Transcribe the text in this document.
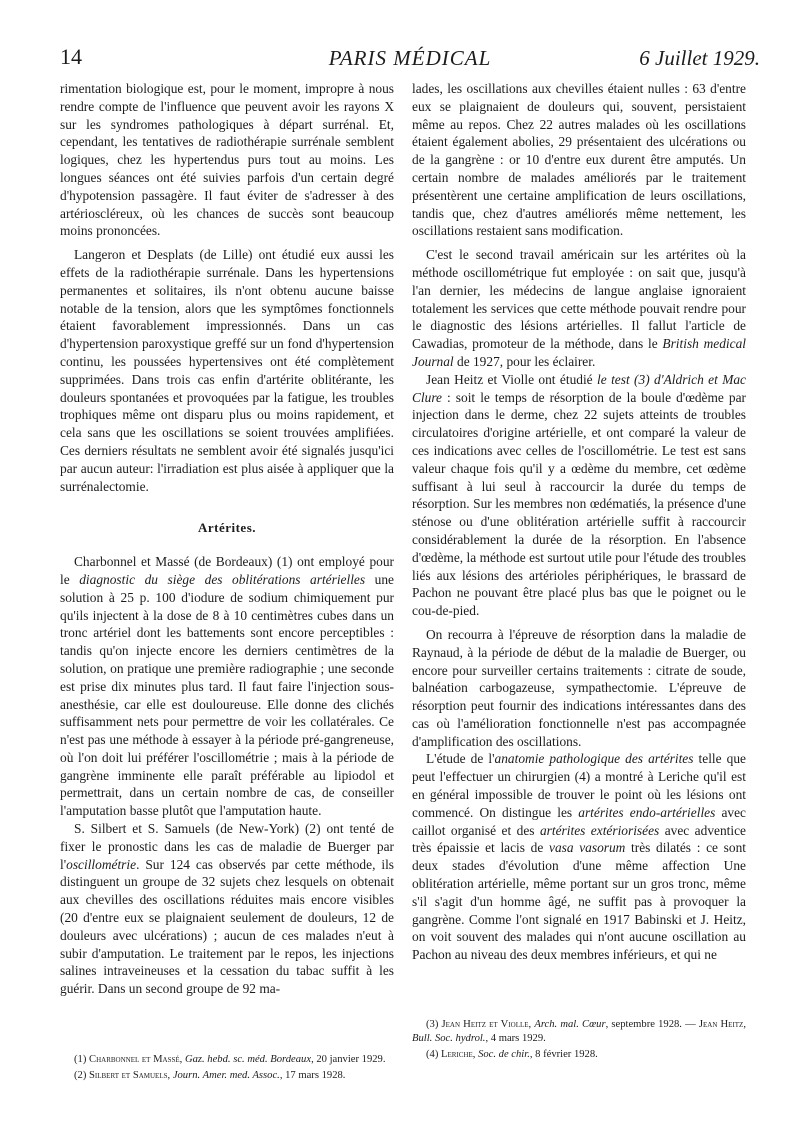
14	PARIS MÉDICAL	6 Juillet 1929.

rimentation biologique est, pour le moment, impropre à nous rendre compte de l'influence que peuvent avoir les rayons X sur les syndromes pathologiques à départ surrénal. Et, cependant, les tentatives de radiothérapie surrénale semblent logiques, chez les hypertendus purs tout au moins. Les longues séances ont été suivies parfois d'un certain degré d'hypotension passagère. Il faut éviter de s'adresser à des artérioscléreux, où les chances de succès sont beaucoup moins prononcées.

Langeron et Desplats (de Lille) ont étudié eux aussi les effets de la radiothérapie surrénale. Dans les hypertensions permanentes et solitaires, ils n'ont obtenu aucune baisse notable de la tension, alors que les symptômes fonctionnels étaient favorablement impressionnés. Dans un cas d'hypertension paroxystique greffé sur un fond d'hypertension continu, les poussées hypertensives ont été complètement supprimées. Dans trois cas enfin d'artérite oblitérante, les douleurs spontanées et provoquées par la fatigue, les troubles trophiques même ont disparu plus ou moins rapidement, et cela sans que les oscillations se soient trouvées amplifiées. Ces derniers résultats ne semblent avoir été signalés jusqu'ici par aucun auteur: l'irradiation est plus aisée à appliquer que la surrénalectomie.

Artérites.

Charbonnel et Massé (de Bordeaux) (1) ont employé pour le diagnostic du siège des oblitérations artérielles une solution à 25 p. 100 d'iodure de sodium chimiquement pur qu'ils injectent à la dose de 8 à 10 centimètres cubes dans un tronc artériel dont les battements sont encore perceptibles : tandis qu'on injecte encore les derniers centimètres de la solution, on pratique une première radiographie ; une seconde est prise dix minutes plus tard. Il faut faire l'injection sous-anesthésie, car elle est douloureuse. Elle donne des clichés suffisamment nets pour permettre de voir les collatérales. Ce n'est pas une méthode à essayer à la période pré-gangreneuse, où l'on doit lui préférer l'oscillométrie ; mais à la période de gangrène imminente elle paraît préférable au lipiodol et permettrait, dans un certain nombre de cas, de conseiller l'amputation basse plutôt que l'amputation haute.

S. Silbert et S. Samuels (de New-York) (2) ont tenté de fixer le pronostic dans les cas de maladie de Buerger par l'oscillométrie. Sur 124 cas observés par cette méthode, ils distinguent un groupe de 32 sujets chez lesquels on obtenait aux chevilles des oscillations réduites mais encore visibles (20 d'entre eux se plaignaient seulement de douleurs, 12 de douleurs avec ulcérations) ; aucun de ces malades n'eut à subir d'amputation. Le traitement par le repos, les injections salines intraveineuses et la cessation du tabac suffit à les guérir. Dans un second groupe de 92 ma-

lades, les oscillations aux chevilles étaient nulles : 63 d'entre eux se plaignaient de douleurs qui, souvent, persistaient même au repos. Chez 22 autres malades où les oscillations étaient également abolies, 29 présentaient des ulcérations ou de la gangrène : or 10 d'entre eux durent être amputés. Un certain nombre de malades améliorés par le traitement présentèrent une certaine amplification de leurs oscillations, tandis que, chez d'autres améliorés même nettement, les oscillations restaient sans modification.

C'est le second travail américain sur les artérites où la méthode oscillométrique fut employée : on sait que, jusqu'à l'an dernier, les médecins de langue anglaise ignoraient totalement les services que cette méthode pouvait rendre pour le diagnostic des lésions artérielles. Il fallut l'article de Cawadias, promoteur de la méthode, dans le British medical Journal de 1927, pour les éclairer.

Jean Heitz et Violle ont étudié le test (3) d'Aldrich et Mac Clure : soit le temps de résorption de la boule d'œdème par injection dans le derme, chez 22 sujets atteints de troubles circulatoires d'origine artérielle, et ont comparé la valeur de ces indications avec celles de l'oscillométrie. Le test est sans valeur chaque fois qu'il y a œdème du membre, cet œdème suffisant à lui seul à raccourcir la durée du temps de résorption. Sur les membres non œdématiés, la présence d'une sténose ou d'une oblitération artérielle suffit à raccourcir considérablement la durée de la résorption. En l'absence d'œdème, la méthode est surtout utile pour l'étude des troubles liés aux lésions des artérioles périphériques, le brassard de Pachon ne pouvant être placé plus bas que le poignet ou le cou-de-pied.

On recourra à l'épreuve de résorption dans la maladie de Raynaud, à la période de début de la maladie de Buerger, ou encore pour surveiller certains traitements : citrate de soude, balnéation carbogazeuse, sympathectomie. L'épreuve de résorption peut fournir des indications intéressantes dans des cas où l'amélioration fonctionnelle n'est pas accompagnée d'amplification des oscillations.

L'étude de l'anatomie pathologique des artérites telle que peut l'effectuer un chirurgien (4) a montré à Leriche qu'il est en général impossible de trouver le point où les lésions ont commencé. On distingue les artérites endo-artérielles avec caillot organisé et des artérites extériorisées avec adventice très épaissie et lacis de vasa vasorum très dilatés : ce sont deux stades d'évolution d'une même affection Une oblitération artérielle, même portant sur un gros tronc, même s'il s'agit d'un homme âgé, ne suffit pas à provoquer la gangrène. Comme l'ont signalé en 1917 Babinski et J. Heitz, on voit souvent des malades qui n'ont aucune oscillation au Pachon au niveau des deux membres inférieurs, et qui ne

(1) Charbonnel et Massé, Gaz. hebd. sc. méd. Bordeaux, 20 janvier 1929.

(2) Silbert et Samuels, Journ. Amer. med. Assoc., 17 mars 1928.

(3) Jean Heitz et Violle, Arch. mal. Cœur, septembre 1928. — Jean Heitz, Bull. Soc. hydrol., 4 mars 1929.

(4) Leriche, Soc. de chir., 8 février 1928.
